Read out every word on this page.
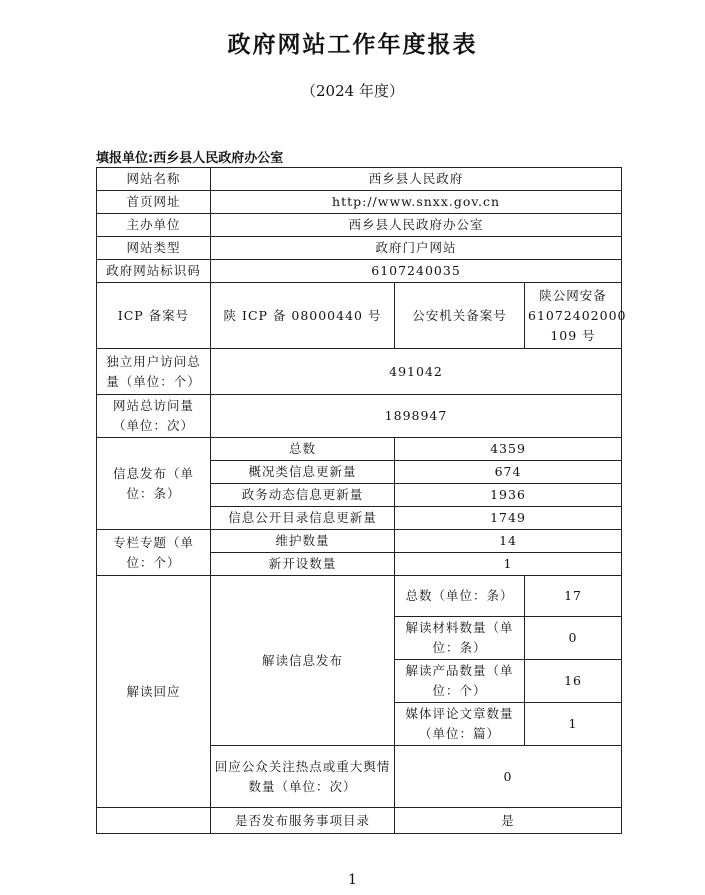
政府网站工作年度报表
（2024 年度）
填报单位:西乡县人民政府办公室
网站名称	西乡县人民政府		
首页网址	http://www.snxx.gov.cn		
主办单位	西乡县人民政府办公室		
网站类型	政府门户网站		
政府网站标识码	6107240035		
ICP 备案号	陕 ICP 备 08000440 号	公安机关备案号	陕公网安备 61072402000 109 号
独立用户访问总量（单位：个）	491042		
网站总访问量（单位：次）	1898947		
信息发布（单位：条）	总数	4359	
	概况类信息更新量	674	
	政务动态信息更新量	1936	
	信息公开目录信息更新量	1749	
专栏专题（单位：个）	维护数量	14	
	新开设数量	1	
解读回应	解读信息发布	总数（单位：条）	17
		解读材料数量（单位：条）	0
		解读产品数量（单位：个）	16
		媒体评论文章数量（单位：篇）	1
	回应公众关注热点或重大舆情数量（单位：次）	0	
	是否发布服务事项目录	是	
1
